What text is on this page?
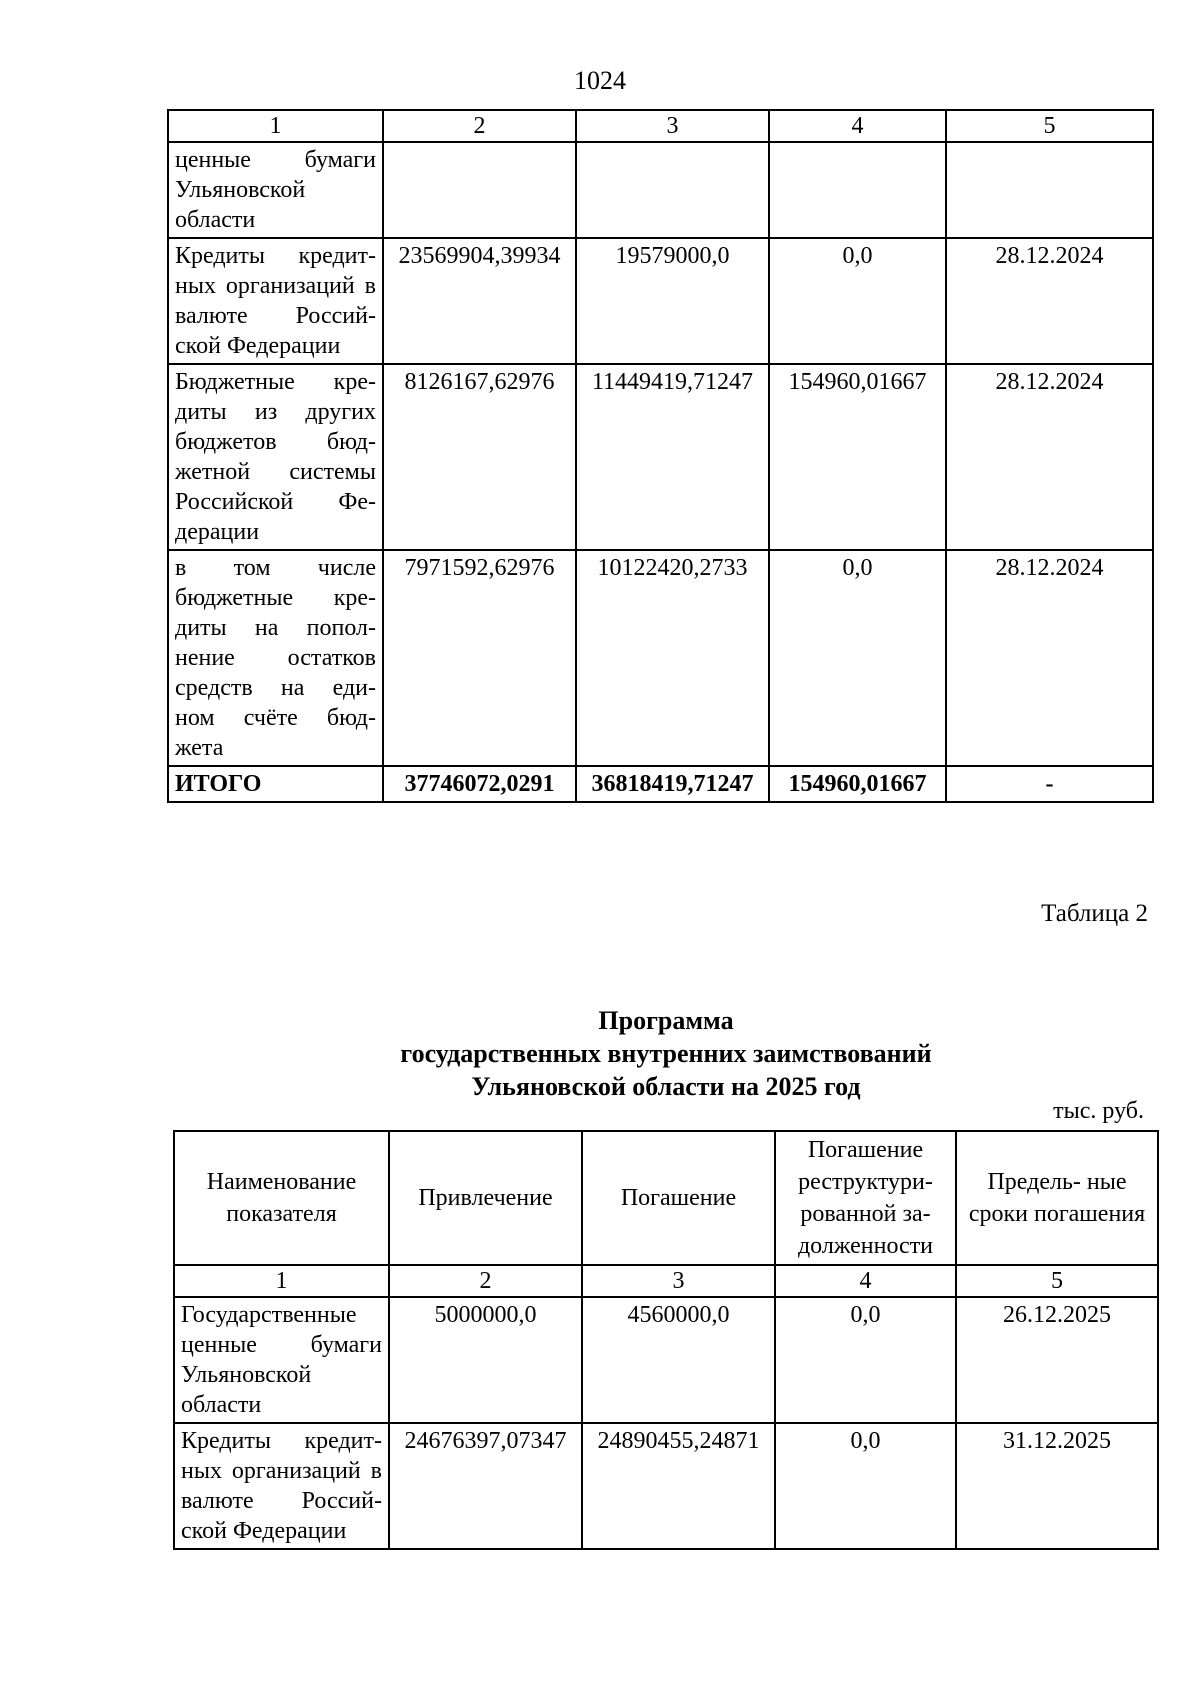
1024
1	2	3	4	5
ценные бумаги Ульяновской области				
Кредиты кредит- ных организаций в валюте Россий- ской Федерации	23569904,39934	19579000,0	0,0	28.12.2024
Бюджетные кре- диты из других бюджетов бюд- жетной системы Российской Фе- дерации	8126167,62976	11449419,71247	154960,01667	28.12.2024
в том числе бюджетные кре- диты на попол- нение остатков средств на еди- ном счёте бюд- жета	7971592,62976	10122420,2733	0,0	28.12.2024
ИТОГО	37746072,0291	36818419,71247	154960,01667	-
Таблица 2
Программа
государственных внутренних заимствований
Ульяновской области на 2025 год
тыс. руб.
Наименование показателя	Привлечение	Погашение	Погашение реструктури- рованной за- долженности	Предель- ные сроки погашения
1	2	3	4	5
Государственные ценные бумаги Ульяновской области	5000000,0	4560000,0	0,0	26.12.2025
Кредиты кредит- ных организаций в валюте Россий- ской Федерации	24676397,07347	24890455,24871	0,0	31.12.2025
